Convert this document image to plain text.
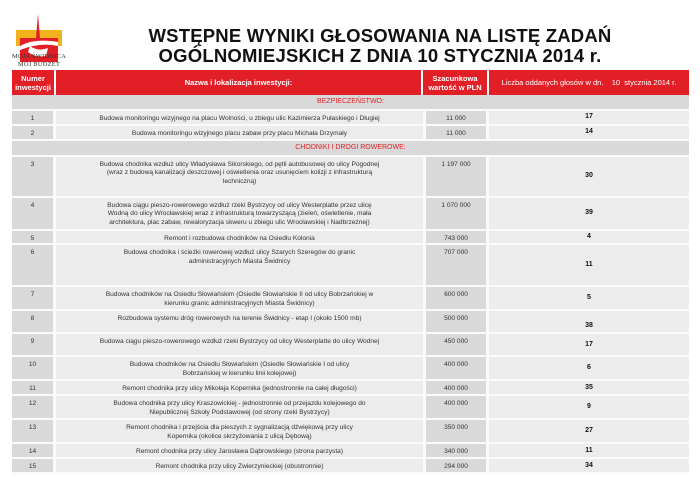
MOJA ŚWIDNICA
MÓJ BUDŻET
WSTĘPNE WYNIKI GŁOSOWANIA NA LISTĘ ZADAŃ
OGÓLNOMIEJSKICH Z DNIA 10 STYCZNIA 2014 r.
Numer inwestycji	Nazwa i lokalizacja inwestycji:	Szacunkowa wartość w PLN	Liczba oddanych głosów w dn.    10  stycznia 2014 r.
BEZPIECZEŃSTWO:			
1	Budowa monitoringu wizyjnego na placu Wolności, u zbiegu ulic Kazimierza Pułaskiego i Długiej	11 000	17
2	Budowa monitoringu wizyjnego placu zabaw przy placu Michała Drzymały	11 000	14
CHODNIKI I DROGI ROWEROWE:			
3	Budowa chodnika wzdłuż ulicy Władysława Sikorskiego, od pętli autobusowej do ulicy Pogodnej (wraz z budową kanalizacji deszczowej i oświetlenia oraz usunięciem kolizji z infrastrukturą techniczną)	1 197 000	30
4	Budowa ciągu pieszo-rowerowego wzdłuż rzeki Bystrzycy od ulicy Westerplatte przez ulicę Wodną do ulicy Wrocławskiej wraz z infrastrukturą towarzyszącą (zieleń, oświetlenie, mała architektura, plac zabaw, rewaloryzacja skweru u zbiegu ulic Wrocławskiej i Nadbrzeżnej)	1 070 000	39
5	Remont i rozbudowa chodników na Osiedlu Kolonia	743 000	4
6	Budowa chodnika i ścieżki rowerowej wzdłuż ulicy Szarych Szeregów do granic administracyjnych Miasta Świdnicy	707 000	11
7	Budowa chodników na Osiedlu Słowiańskim (Osiedle Słowiańskie II od ulicy Bobrzańskiej w kierunku granic administracyjnych Miasta Świdnicy)	600 000	5
8	Rozbudowa systemu dróg rowerowych na terenie Świdnicy - etap I (około 1500 mb)	500 000	38
9	Budowa ciągu pieszo-rowerowego wzdłuż rzeki Bystrzycy od ulicy Westerplatte do ulicy Wodnej	450 000	17
10	Budowa chodników na Osiedlu Słowiańskim (Osiedle Słowiańskie I od ulicy Bobrzańskiej w kierunku linii kolejowej)	400 000	6
11	Remont chodnika przy ulicy Mikołaja Kopernika (jednostronnie na całej długości)	400 000	35
12	Budowa chodnika przy ulicy Kraszowickiej - jednostronnie od przejazdu kolejowego do Niepublicznej Szkoły Podstawowej (od strony rzeki Bystrzycy)	400 000	9
13	Remont chodnika i przejścia dla pieszych z sygnalizacją dźwiękową przy ulicy Kopernika (okolice skrzyżowania z ulicą Dębową)	350 000	27
14	Remont chodnika przy ulicy Jarosława Dąbrowskiego (strona parzysta)	340 000	11
15	Remont chodnika przy ulicy Zwierzynieckiej (obustronnie)	294 000	34
